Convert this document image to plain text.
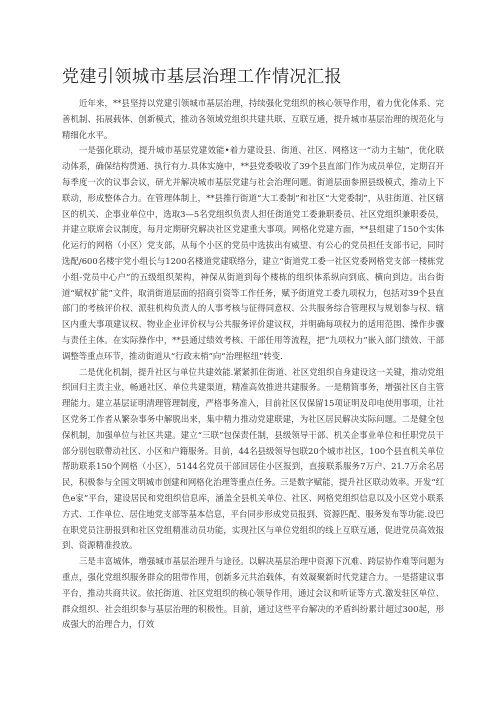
党建引领城市基层治理工作情况汇报

近年来，**县坚持以党建引领城市基层治理，持续强化党组织的核心领导作用，着力优化体系、完善机制、拓展载体、创新模式，推动各领域党组织共建共联、互联互通，提升城市基层治理的规范化与精细化水平。

一是强化联动，提升城市基层党建效能•着力建设县、街道、社区、网格这一“动力主轴”，优化联动体系，确保结构贯通、执行有力.具体实施中，**县党委吸收了39个县直部门作为成员单位，定期召开每季度一次的议事会议，研尤并解决城市基层党建与社会治理问题。街道层面参照县级模式，推动上下联动，形成整体合力。在管理体制上，**县推行街道“大工委制”和社区“大党委制”，从驻街道、社区辖区的机关、企事业单位中，选取3—5名党组织负责人担任街道党工委兼职委员、社区党组织兼职委员，并建立联席会议制度，每月定期研究解决社区党建重大事项。网格化党建方面，**县组建了150个实体化运行的网格（小区）党支部，从每个小区的党员中选拔出有威望、有公心的党员担任支部书记，同时选配/600名楼宇党小组长与1200名楼道党建联络分，建立“街道党工委一社区党委网格党支部一楼栋党小组-党员中心户”的五级组织架构，神保从街道到每个楼栋的组织体系纵向到底、横向到边。出台街道“赋权扩能”文件，取消街道层面的招商引资等工作任务，赋予街道党工委九项权力，包括对39个县直部门的考核评价权、派驻机构负责人的人事考核与征得同意权、公共服务综合管理权与规划参与权、辖区内重大事项建议权、物业企业评价权与公共服务评价建议权，并明确每项权力的适用范围、操作步骤与责任主体。在实际操作中，**县通过绩效考核、干部任用等流程，把“九项权力”嵌入部门绩效、干部调整等重点环节，推动街道从“行政末梢”向“治理枢纽”转变.

二是优化机制，提升社区与单位共建效能.紧紧抓住街道、社区党组织自身建设这一关键，推动党组织回归主责主业，畅通社区、单位共建渠道，精准高效推进共建服务。一是精简事务，增强社区自主管理能力。建立基层证明清理管理制度，严格事务准入，目前社区仅保留15项证明及印电使用事项，让社区党务工作者从繁杂事务中解脱出来，集中精力推动党建联建，为社区居民解决实际问题。二是健全包保机制，加强单位与社区共建。建立“三联”包保责任制，县级领导干部、机关企事业单位和任职党员干部分别包联帶动社区、小区和户籍服务。目前，44名县级领导包联20个城市社区，100个县直机关单位帮助联系150个网格（小区），5144名党员干部回居住小区报到，直接联系服务7万户、21.7万余名居民，积极参与全国文明城市创建和网格化治理等重点任务。三是数字赋能，提升社区联动效率。开发“红色e家”平台，建设居民和党组织信息库，涵盖全县机关单位、社区、网格党组织信息以及小区党小联系方式、工作单位、居住地党支部等基本信息，平台同步形成党员报到、资源匹配、服务发布等功能.设巴在职党员注册报到和社区党组精准动员功能，实现社区与单位党组织的线上互联互通，促进党员高效报到、资源精准投放。

三是丰富城体，增强城市基层治理升与途径。以解决基层治理中资源下沉难、跨层协作难等问题为重点，强化党组织服务群众的阻带作用，创新多元共治载体，有效凝聚新时代党建合力。一是搭建议事平台，推动共商共议。依托街道、社区党组织的核心领导作用，通过会议和听证等方式.激发驻区单位、群众组织、社会组织参与基层治理的积极性。目前，通过这些平台解决的矛盾纠纷累计超过300起，形成强大的治理合力，仃效
